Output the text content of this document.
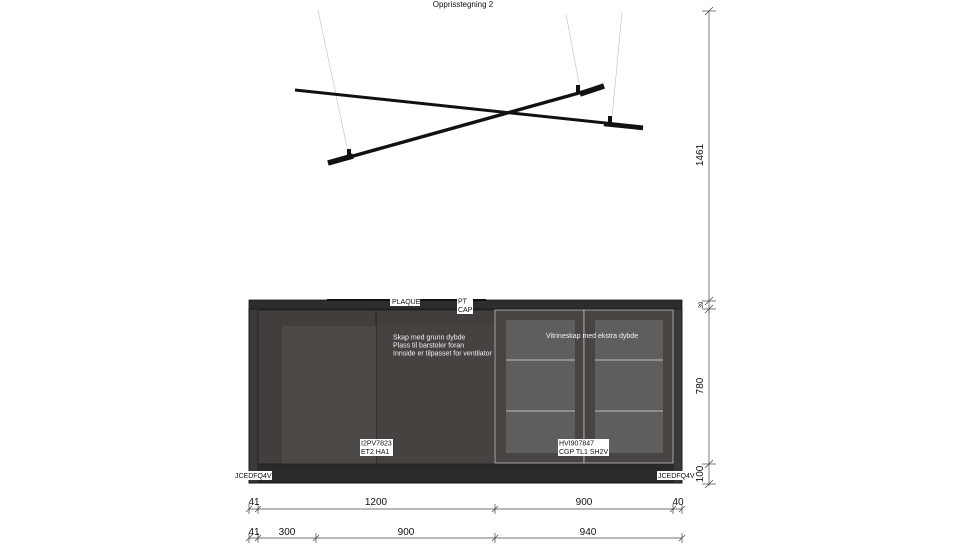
Opprisstegning 2
PLAQUE	PT
CAP
I2PV7823
ET2 HA1
HVI907847
CGP TL1 SH2V
JCEDFQ4V	JCEDFQ4V
Skap med grunn dybde
Plass til barstoler foran
Innside er tilpasset for ventilator
Vitrineskap med ekstra dybde
1461
39
780
100
41	1200	900	40
41 300	900	940
